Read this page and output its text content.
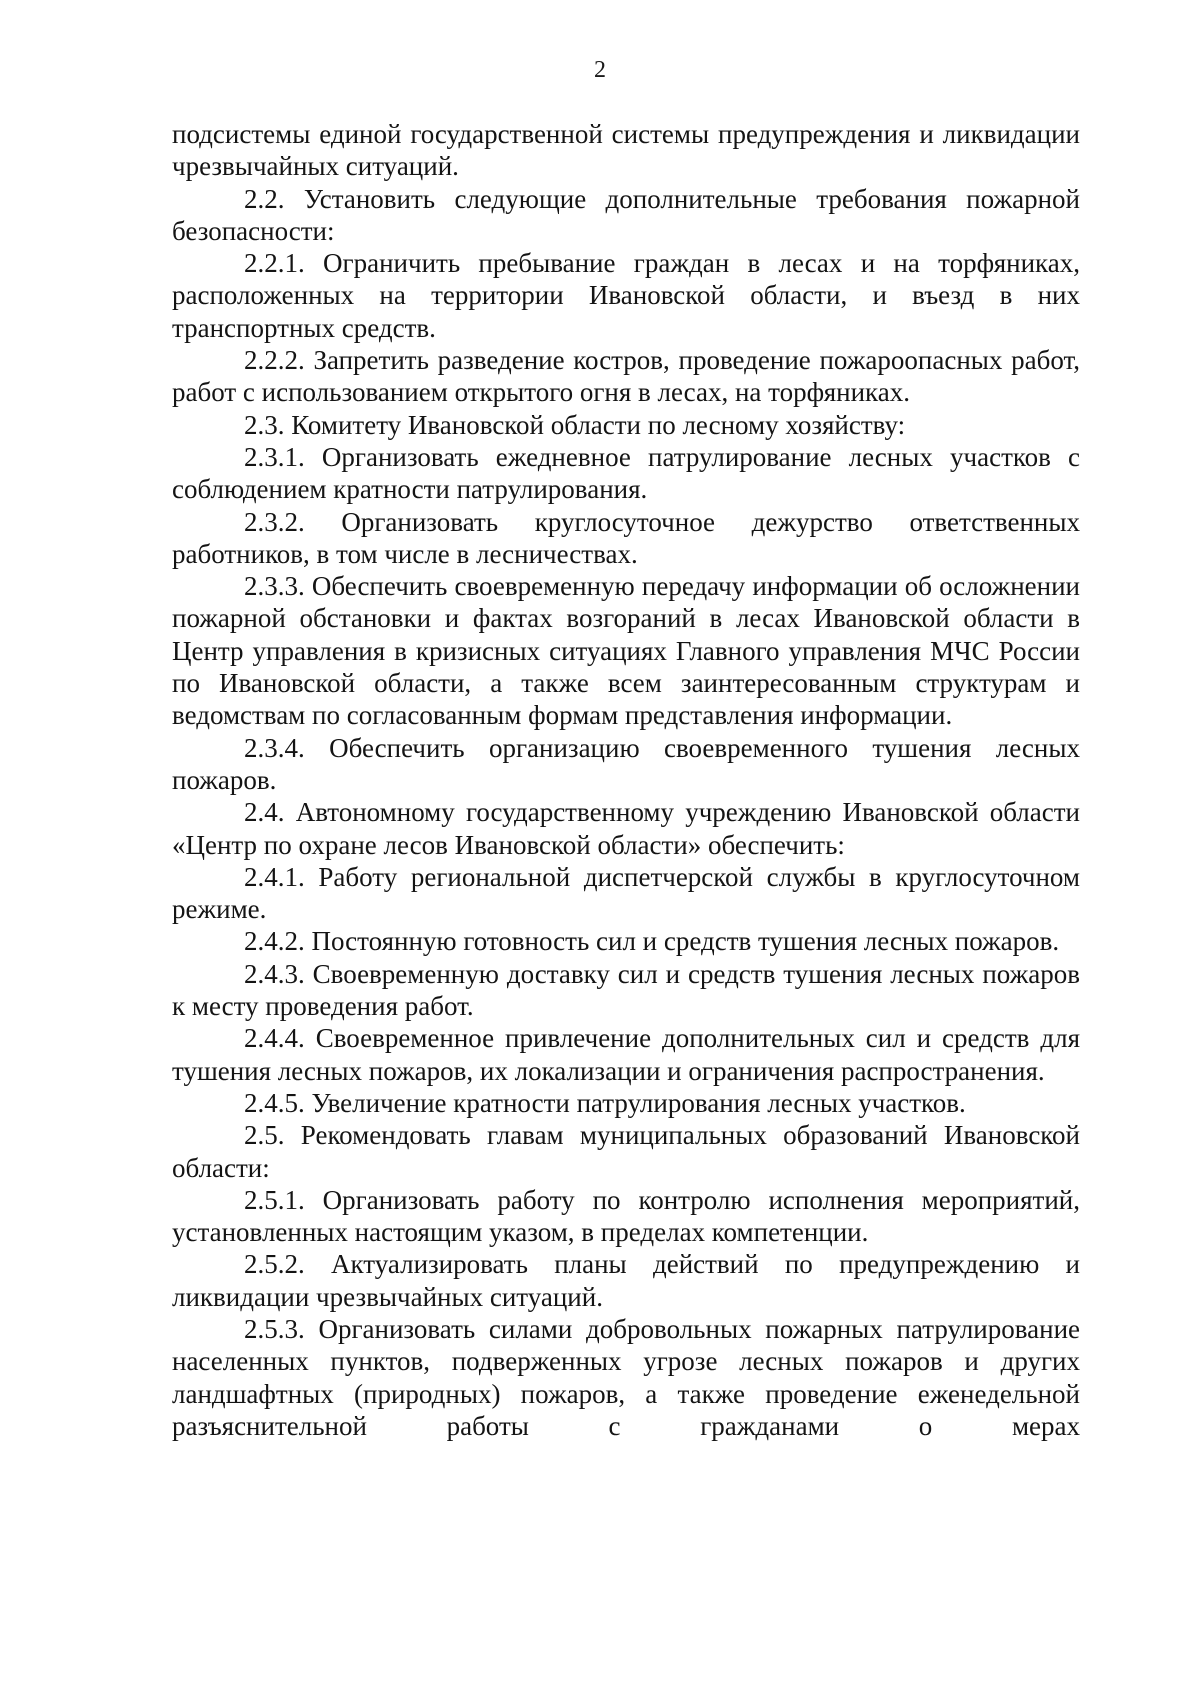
2

подсистемы единой государственной системы предупреждения и ликвидации чрезвычайных ситуаций.

2.2. Установить следующие дополнительные требования пожарной безопасности:

2.2.1. Ограничить пребывание граждан в лесах и на торфяниках, расположенных на территории Ивановской области, и въезд в них транспортных средств.

2.2.2. Запретить разведение костров, проведение пожароопасных работ, работ с использованием открытого огня в лесах, на торфяниках.

2.3. Комитету Ивановской области по лесному хозяйству:

2.3.1. Организовать ежедневное патрулирование лесных участков с соблюдением кратности патрулирования.

2.3.2. Организовать круглосуточное дежурство ответственных работников, в том числе в лесничествах.

2.3.3. Обеспечить своевременную передачу информации об осложнении пожарной обстановки и фактах возгораний в лесах Ивановской области в Центр управления в кризисных ситуациях Главного управления МЧС России по Ивановской области, а также всем заинтересованным структурам и ведомствам по согласованным формам представления информации.

2.3.4. Обеспечить организацию своевременного тушения лесных пожаров.

2.4. Автономному государственному учреждению Ивановской области «Центр по охране лесов Ивановской области» обеспечить:

2.4.1. Работу региональной диспетчерской службы в круглосуточном режиме.

2.4.2. Постоянную готовность сил и средств тушения лесных пожаров.

2.4.3. Своевременную доставку сил и средств тушения лесных пожаров к месту проведения работ.

2.4.4. Своевременное привлечение дополнительных сил и средств для тушения лесных пожаров, их локализации и ограничения распространения.

2.4.5. Увеличение кратности патрулирования лесных участков.

2.5. Рекомендовать главам муниципальных образований Ивановской области:

2.5.1. Организовать работу по контролю исполнения мероприятий, установленных настоящим указом, в пределах компетенции.

2.5.2. Актуализировать планы действий по предупреждению и ликвидации чрезвычайных ситуаций.

2.5.3. Организовать силами добровольных пожарных патрулирование населенных пунктов, подверженных угрозе лесных пожаров и других ландшафтных (природных) пожаров, а также проведение еженедельной разъяснительной работы с гражданами о мерах
